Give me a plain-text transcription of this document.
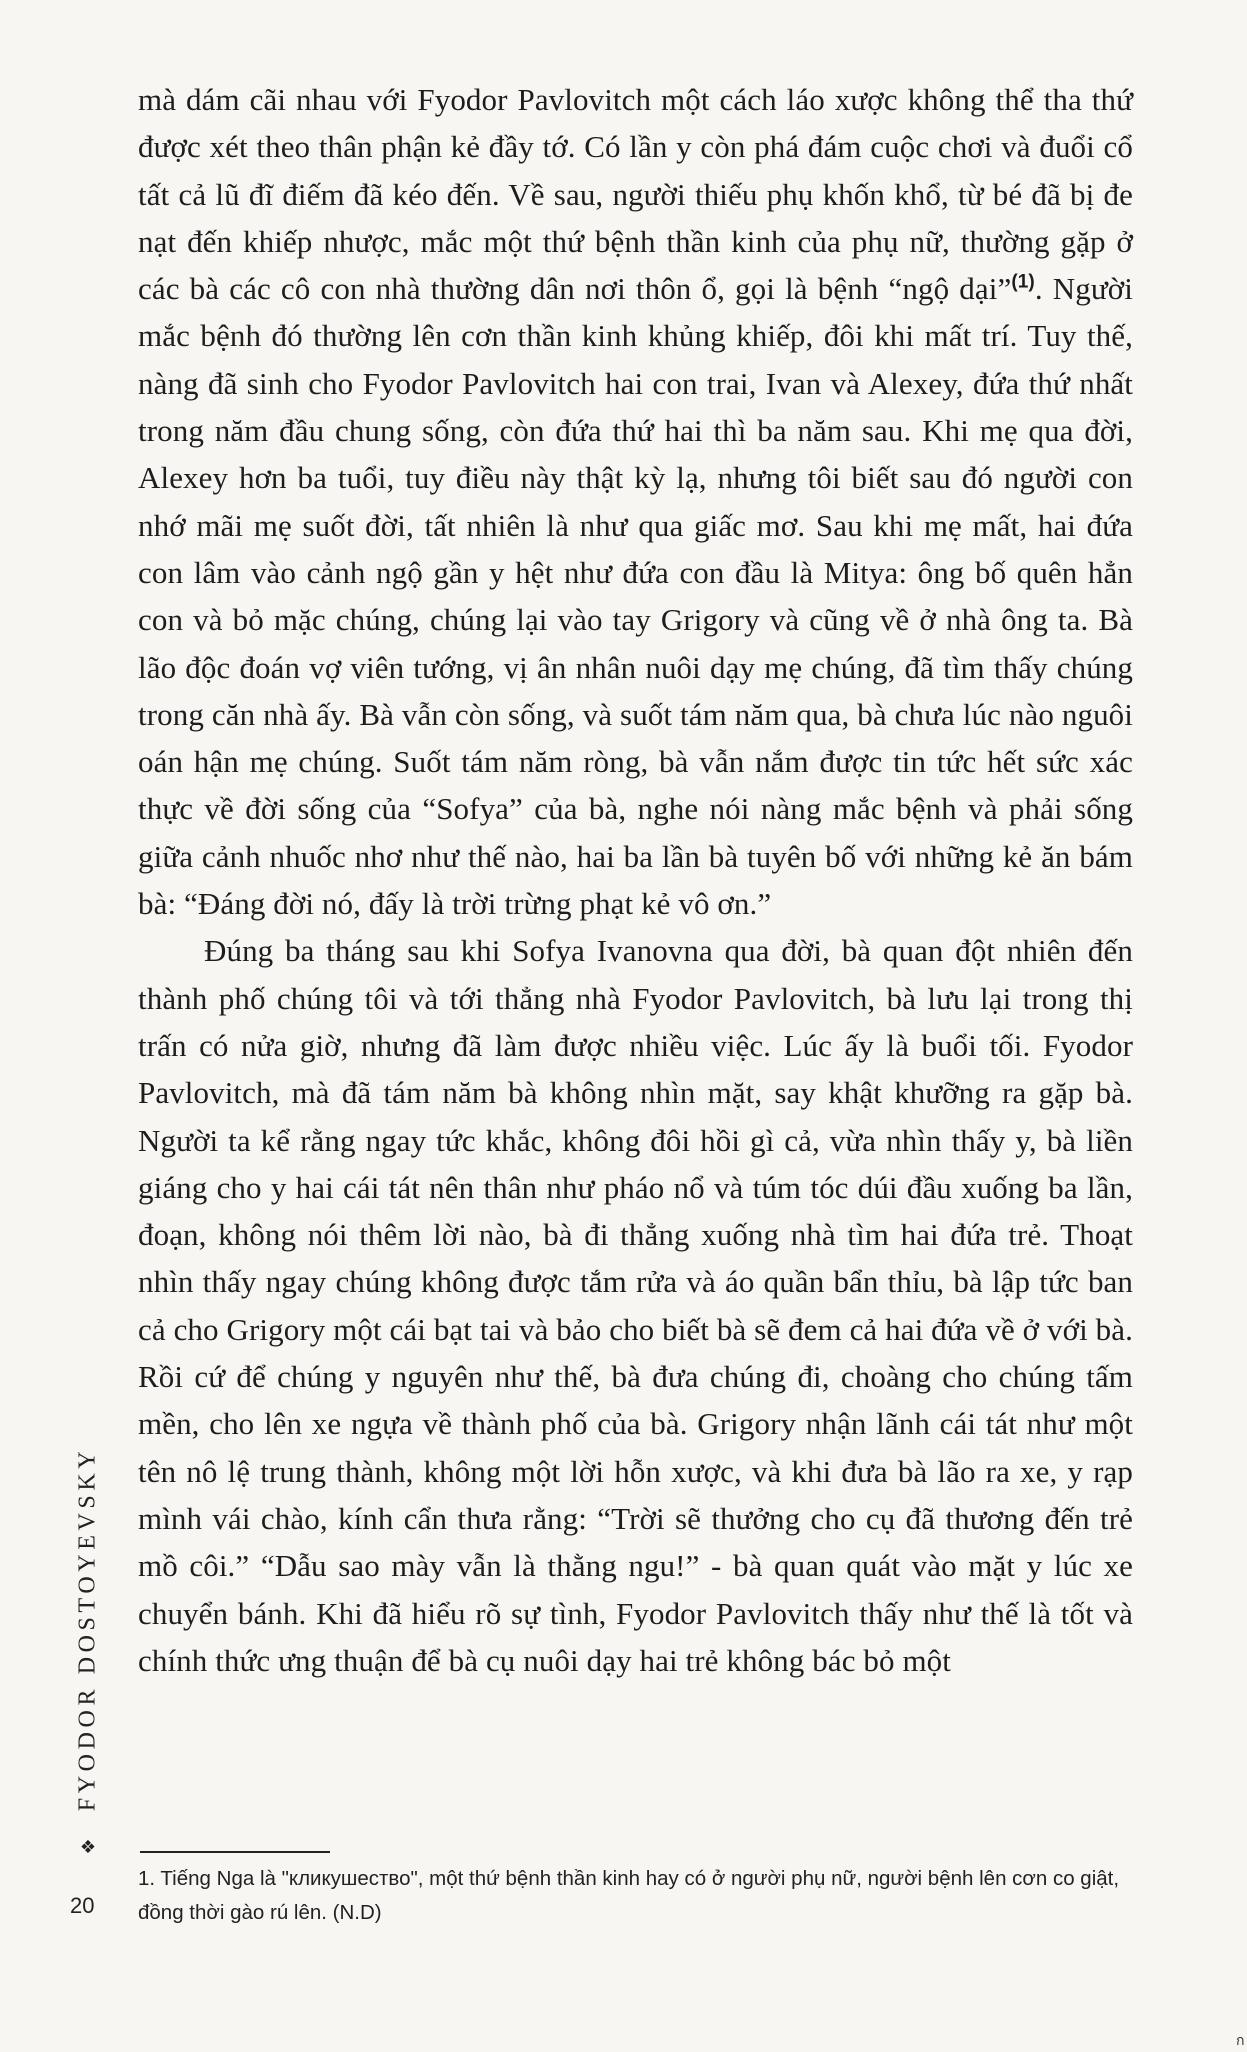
mà dám cãi nhau với Fyodor Pavlovitch một cách láo xược không thể tha thứ được xét theo thân phận kẻ đầy tớ. Có lần y còn phá đám cuộc chơi và đuổi cổ tất cả lũ đĩ điếm đã kéo đến. Về sau, người thiếu phụ khốn khổ, từ bé đã bị đe nạt đến khiếp nhược, mắc một thứ bệnh thần kinh của phụ nữ, thường gặp ở các bà các cô con nhà thường dân nơi thôn ổ, gọi là bệnh “ngộ dại”$^{(1)}$. Người mắc bệnh đó thường lên cơn thần kinh khủng khiếp, đôi khi mất trí. Tuy thế, nàng đã sinh cho Fyodor Pavlovitch hai con trai, Ivan và Alexey, đứa thứ nhất trong năm đầu chung sống, còn đứa thứ hai thì ba năm sau. Khi mẹ qua đời, Alexey hơn ba tuổi, tuy điều này thật kỳ lạ, nhưng tôi biết sau đó người con nhớ mãi mẹ suốt đời, tất nhiên là như qua giấc mơ. Sau khi mẹ mất, hai đứa con lâm vào cảnh ngộ gần y hệt như đứa con đầu là Mitya: ông bố quên hẳn con và bỏ mặc chúng, chúng lại vào tay Grigory và cũng về ở nhà ông ta. Bà lão độc đoán vợ viên tướng, vị ân nhân nuôi dạy mẹ chúng, đã tìm thấy chúng trong căn nhà ấy. Bà vẫn còn sống, và suốt tám năm qua, bà chưa lúc nào nguôi oán hận mẹ chúng. Suốt tám năm ròng, bà vẫn nắm được tin tức hết sức xác thực về đời sống của “Sofya” của bà, nghe nói nàng mắc bệnh và phải sống giữa cảnh nhuốc nhơ như thế nào, hai ba lần bà tuyên bố với những kẻ ăn bám bà: “Đáng đời nó, đấy là trời trừng phạt kẻ vô ơn.”

Đúng ba tháng sau khi Sofya Ivanovna qua đời, bà quan đột nhiên đến thành phố chúng tôi và tới thẳng nhà Fyodor Pavlovitch, bà lưu lại trong thị trấn có nửa giờ, nhưng đã làm được nhiều việc. Lúc ấy là buổi tối. Fyodor Pavlovitch, mà đã tám năm bà không nhìn mặt, say khật khưỡng ra gặp bà. Người ta kể rằng ngay tức khắc, không đôi hồi gì cả, vừa nhìn thấy y, bà liền giáng cho y hai cái tát nên thân như pháo nổ và túm tóc dúi đầu xuống ba lần, đoạn, không nói thêm lời nào, bà đi thẳng xuống nhà tìm hai đứa trẻ. Thoạt nhìn thấy ngay chúng không được tắm rửa và áo quần bẩn thỉu, bà lập tức ban cả cho Grigory một cái bạt tai và bảo cho biết bà sẽ đem cả hai đứa về ở với bà. Rồi cứ để chúng y nguyên như thế, bà đưa chúng đi, choàng cho chúng tấm mền, cho lên xe ngựa về thành phố của bà. Grigory nhận lãnh cái tát như một tên nô lệ trung thành, không một lời hỗn xược, và khi đưa bà lão ra xe, y rạp mình vái chào, kính cẩn thưa rằng: “Trời sẽ thưởng cho cụ đã thương đến trẻ mồ côi.” “Dẫu sao mày vẫn là thằng ngu!” - bà quan quát vào mặt y lúc xe chuyển bánh. Khi đã hiểu rõ sự tình, Fyodor Pavlovitch thấy như thế là tốt và chính thức ưng thuận để bà cụ nuôi dạy hai trẻ không bác bỏ một

FYODOR DOSTOYEVSKY
❖
20

1. Tiếng Nga là "кликушество", một thứ bệnh thần kinh hay có ở người phụ nữ, người bệnh lên cơn co giật, đồng thời gào rú lên. (N.D)

ก
